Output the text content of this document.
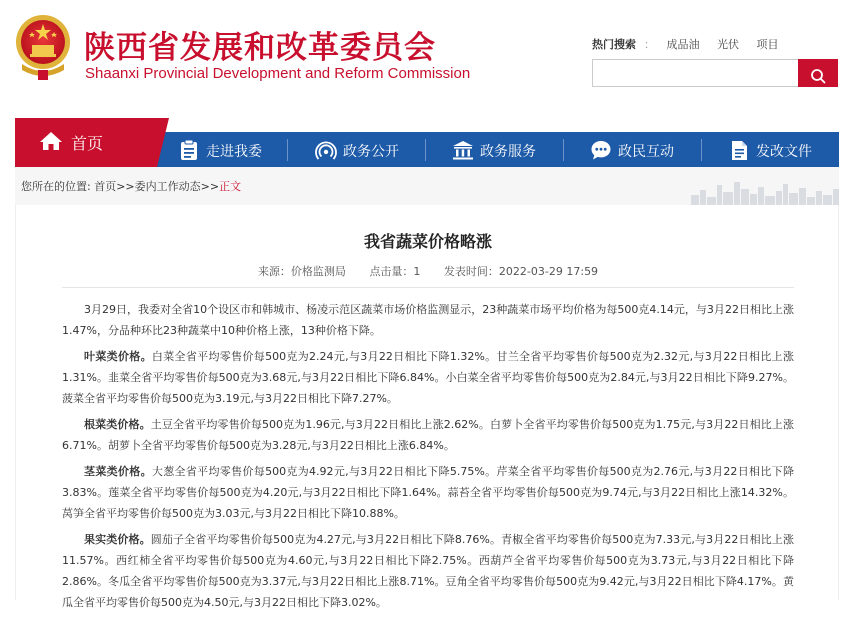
陕西省发展和改革委员会
Shaanxi Provincial Development and Reform Commission
热门搜索 ： 成品油 光伏 项目
首页	走进我委	政务公开	政务服务	政民互动	发改文件
您所在的位置: 首页>>委内工作动态>>正文
我省蔬菜价格略涨
来源：价格监测局 点击量：1 发表时间：2022-03-29 17:59

3月29日，我委对全省10个设区市和韩城市、杨凌示范区蔬菜市场价格监测显示，23种蔬菜市场平均价格为每500克4.14元，与3月22日相比上涨1.47%，分品种环比23种蔬菜中10种价格上涨，13种价格下降。

叶菜类价格。白菜全省平均零售价每500克为2.24元,与3月22日相比下降1.32%。甘兰全省平均零售价每500克为2.32元,与3月22日相比上涨1.31%。韭菜全省平均零售价每500克为3.68元,与3月22日相比下降6.84%。小白菜全省平均零售价每500克为2.84元,与3月22日相比下降9.27%。菠菜全省平均零售价每500克为3.19元,与3月22日相比下降7.27%。

根菜类价格。土豆全省平均零售价每500克为1.96元,与3月22日相比上涨2.62%。白萝卜全省平均零售价每500克为1.75元,与3月22日相比上涨6.71%。胡萝卜全省平均零售价每500克为3.28元,与3月22日相比上涨6.84%。

茎菜类价格。大葱全省平均零售价每500克为4.92元,与3月22日相比下降5.75%。芹菜全省平均零售价每500克为2.76元,与3月22日相比下降3.83%。莲菜全省平均零售价每500克为4.20元,与3月22日相比下降1.64%。蒜苔全省平均零售价每500克为9.74元,与3月22日相比上涨14.32%。莴笋全省平均零售价每500克为3.03元,与3月22日相比下降10.88%。

果实类价格。圆茄子全省平均零售价每500克为4.27元,与3月22日相比下降8.76%。青椒全省平均零售价每500克为7.33元,与3月22日相比上涨11.57%。西红柿全省平均零售价每500克为4.60元,与3月22日相比下降2.75%。西葫芦全省平均零售价每500克为3.73元,与3月22日相比下降2.86%。冬瓜全省平均零售价每500克为3.37元,与3月22日相比上涨8.71%。豆角全省平均零售价每500克为9.42元,与3月22日相比下降4.17%。黄瓜全省平均零售价每500克为4.50元,与3月22日相比下降3.02%。
